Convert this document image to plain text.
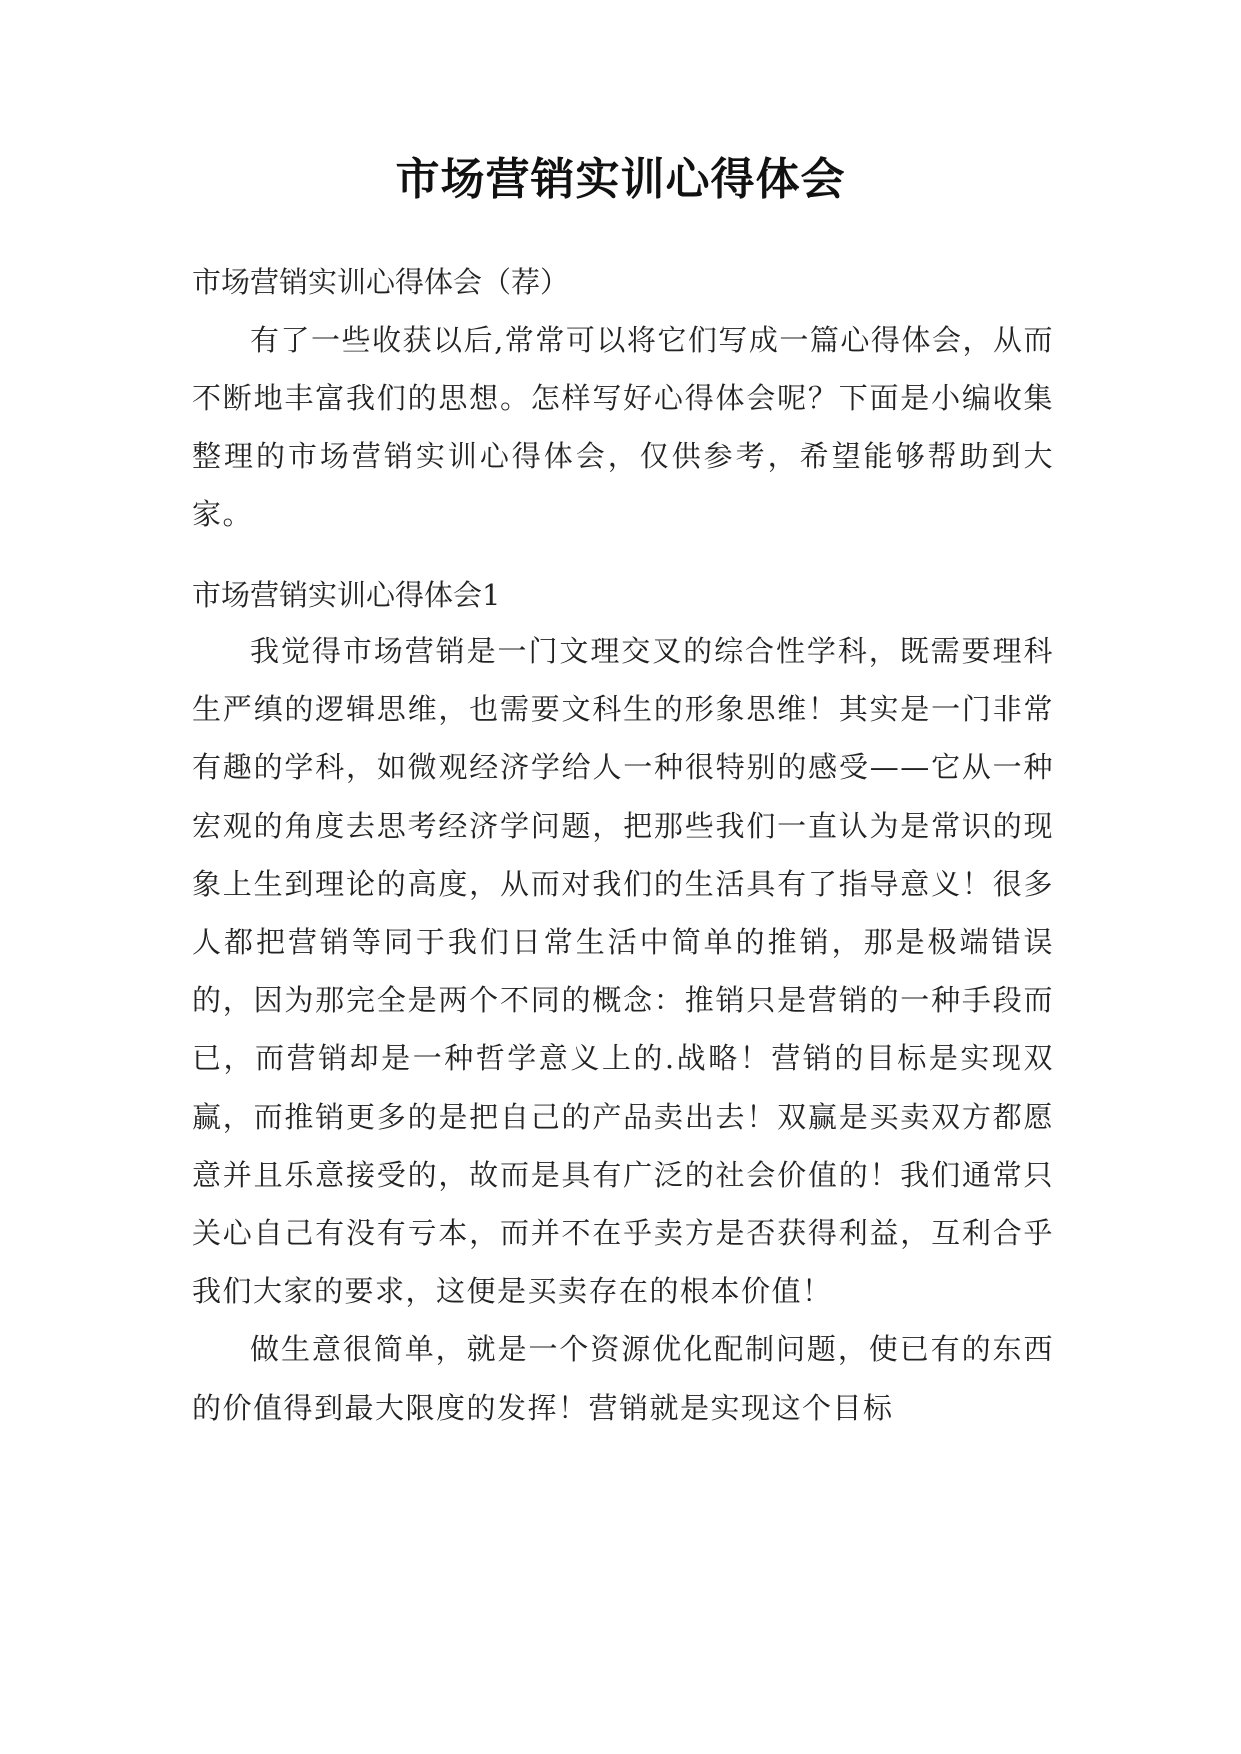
市场营销实训心得体会
市场营销实训心得体会（荐）

有了一些收获以后,常常可以将它们写成一篇心得体会，从而不断地丰富我们的思想。怎样写好心得体会呢？下面是小编收集整理的市场营销实训心得体会，仅供参考，希望能够帮助到大家。

市场营销实训心得体会1

我觉得市场营销是一门文理交叉的综合性学科，既需要理科生严缜的逻辑思维，也需要文科生的形象思维！其实是一门非常有趣的学科，如微观经济学给人一种很特别的感受——它从一种宏观的角度去思考经济学问题，把那些我们一直认为是常识的现象上生到理论的高度，从而对我们的生活具有了指导意义！很多人都把营销等同于我们日常生活中简单的推销，那是极端错误的，因为那完全是两个不同的概念：推销只是营销的一种手段而已，而营销却是一种哲学意义上的.战略！营销的目标是实现双赢，而推销更多的是把自己的产品卖出去！双赢是买卖双方都愿意并且乐意接受的，故而是具有广泛的社会价值的！我们通常只关心自己有没有亏本，而并不在乎卖方是否获得利益，互利合乎我们大家的要求，这便是买卖存在的根本价值！

做生意很简单，就是一个资源优化配制问题，使已有的东西的价值得到最大限度的发挥！营销就是实现这个目标
